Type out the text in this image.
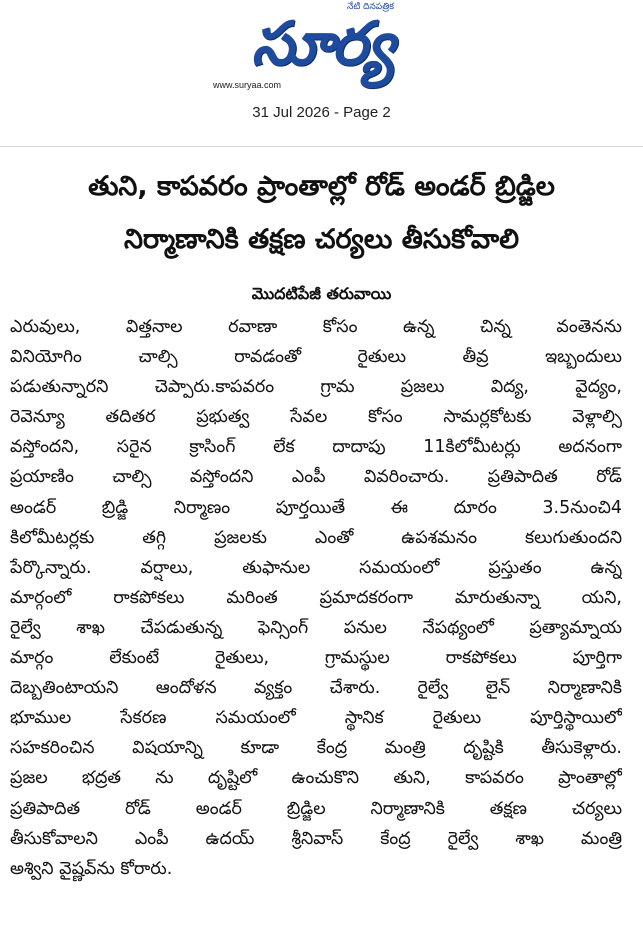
నేటి దినపత్రిక
సూర్య
www.suryaa.com
31 Jul 2026 - Page 2
తుని, కాపవరం ప్రాంతాల్లో రోడ్ అండర్ బ్రిడ్జిల
నిర్మాణానికి తక్షణ చర్యలు తీసుకోవాలి
మొదటిపేజీ తరువాయి
ఎరువులు, విత్తనాల రవాణా కోసం ఉన్న చిన్న వంతెనను
వినియోగిం చాల్సి రావడంతో రైతులు తీవ్ర ఇబ్బందులు
పడుతున్నారని చెప్పారు.కాపవరం గ్రామ ప్రజలు విద్య, వైద్యం,
రెవెన్యూ తదితర ప్రభుత్వ సేవల కోసం సామర్లకోటకు వెళ్లాల్సి
వస్తోందని, సరైన క్రాసింగ్ లేక దాదాపు 11కిలోమీటర్లు అదనంగా
ప్రయాణిం చాల్సి వస్తోందని ఎంపీ వివరించారు. ప్రతిపాదిత రోడ్
అండర్ బ్రిడ్జి నిర్మాణం పూర్తయితే ఈ దూరం 3.5నుంచి4
కిలోమీటర్లకు తగ్గి ప్రజలకు ఎంతో ఉపశమనం కలుగుతుందని
పేర్కొన్నారు. వర్షాలు, తుఫానుల సమయంలో ప్రస్తుతం ఉన్న
మార్గంలో రాకపోకలు మరింత ప్రమాదకరంగా మారుతున్నా యని,
రైల్వే శాఖ చేపడుతున్న ఫెన్సింగ్ పనుల నేపథ్యంలో ప్రత్యామ్నాయ
మార్గం లేకుంటే రైతులు, గ్రామస్థుల రాకపోకలు పూర్తిగా
దెబ్బతింటాయని ఆందోళన వ్యక్తం చేశారు. రైల్వే లైన్ నిర్మాణానికి
భూముల సేకరణ సమయంలో స్థానిక రైతులు పూర్తిస్థాయిలో
సహకరించిన విషయాన్ని కూడా కేంద్ర మంత్రి దృష్టికి తీసుకెళ్లారు.
ప్రజల భద్రత ను దృష్టిలో ఉంచుకొని తుని, కాపవరం ప్రాంతాల్లో
ప్రతిపాదిత రోడ్ అండర్ బ్రిడ్జిల నిర్మాణానికి తక్షణ చర్యలు
తీసుకోవాలని ఎంపీ ఉదయ్ శ్రీనివాస్ కేంద్ర రైల్వే శాఖ మంత్రి
అశ్విని వైష్ణవ్‌ను కోరారు.
